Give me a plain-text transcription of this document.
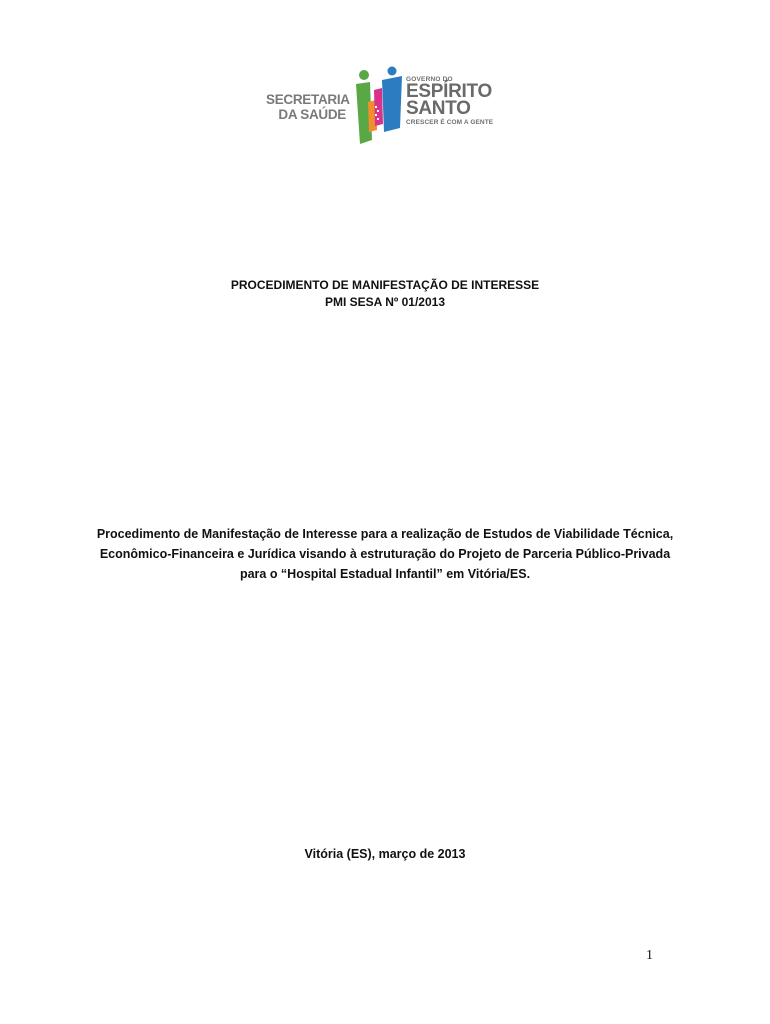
SECRETARIA
DA SAÚDE
GOVERNO DO
ESPÍRITO
SANTO
CRESCER É COM A GENTE
PROCEDIMENTO DE MANIFESTAÇÃO DE INTERESSE
PMI SESA Nº 01/2013
Procedimento de Manifestação de Interesse para a realização de Estudos de Viabilidade Técnica, Econômico-Financeira e Jurídica visando à estruturação do Projeto de Parceria Público-Privada para o “Hospital Estadual Infantil” em Vitória/ES.
Vitória (ES), março de 2013
1
